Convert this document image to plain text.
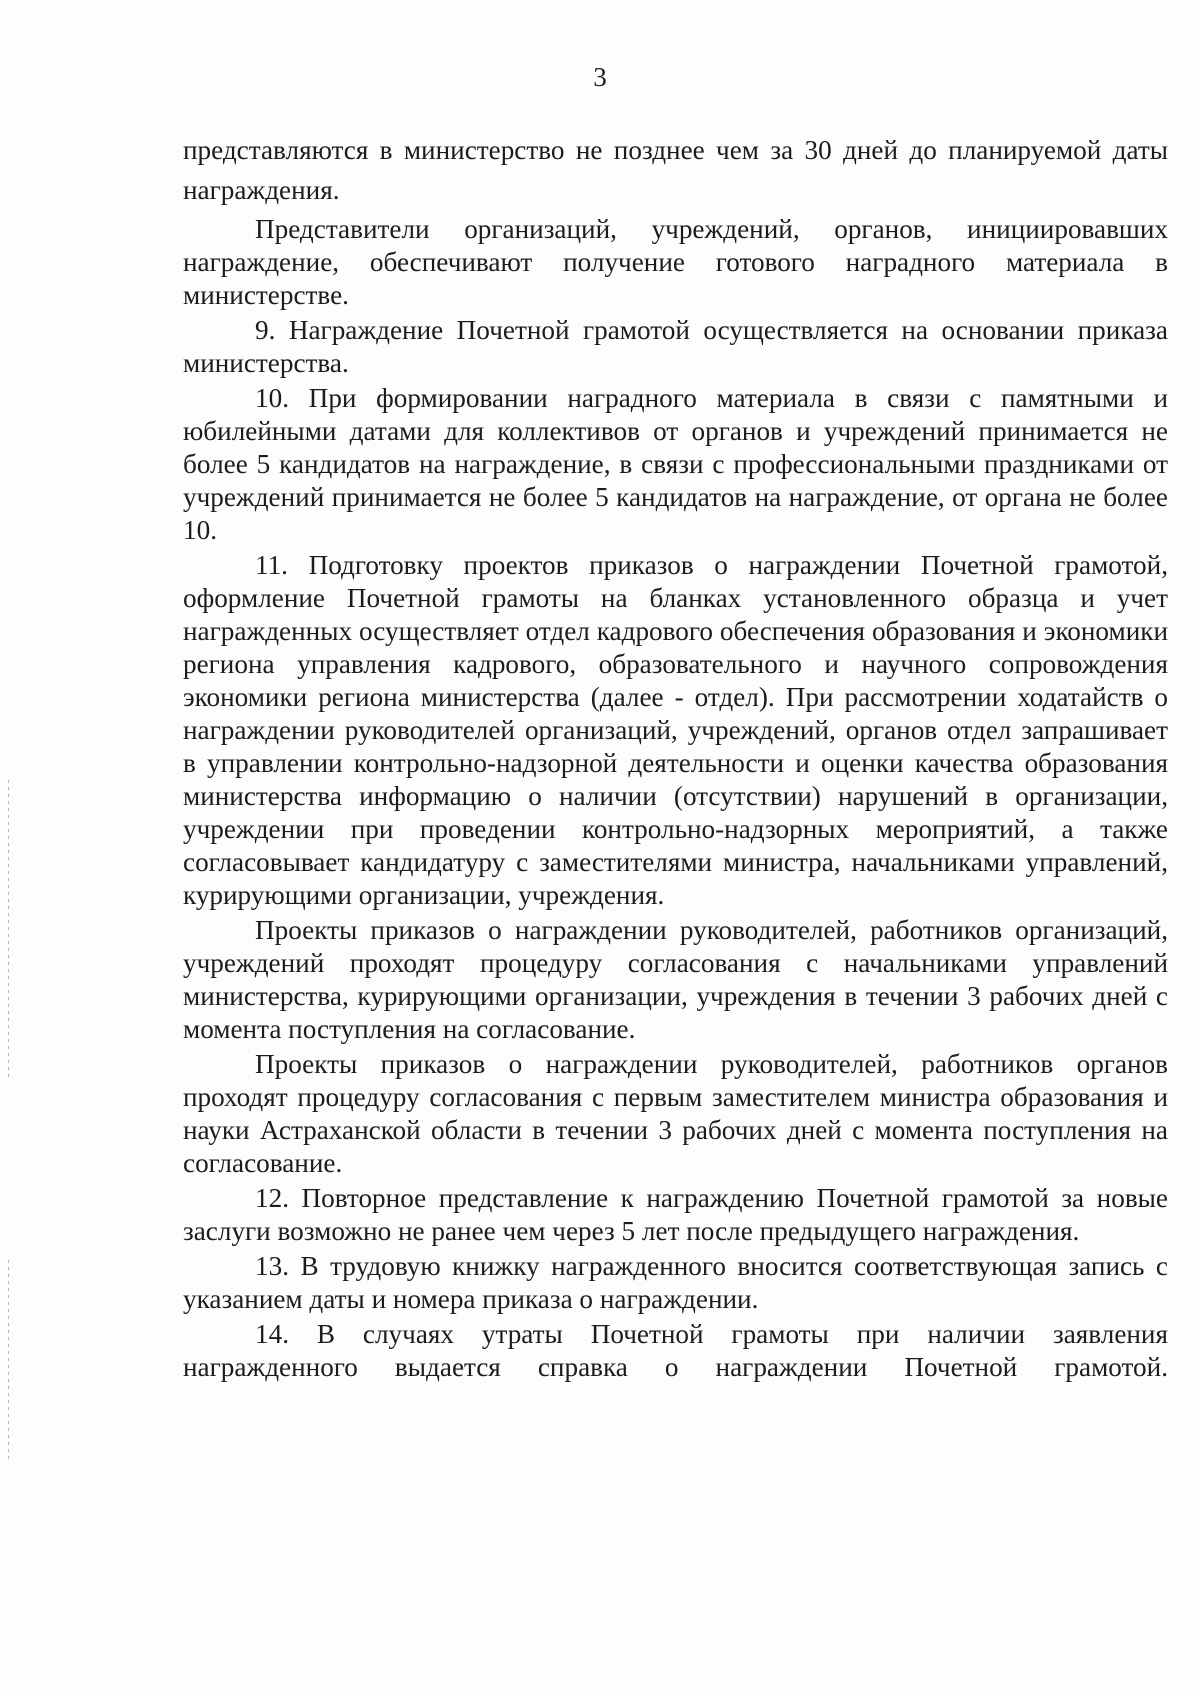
3

представляются в министерство не позднее чем за 30 дней до планируемой даты награждения.

Представители организаций, учреждений, органов, инициировавших награждение, обеспечивают получение готового наградного материала в министерстве.

9. Награждение Почетной грамотой осуществляется на основании приказа министерства.

10. При формировании наградного материала в связи с памятными и юбилейными датами для коллективов от органов и учреждений принимается не более 5 кандидатов на награждение, в связи с профессиональными праздниками от учреждений принимается не более 5 кандидатов на награждение, от органа не более 10.

11. Подготовку проектов приказов о награждении Почетной грамотой, оформление Почетной грамоты на бланках установленного образца и учет награжденных осуществляет отдел кадрового обеспечения образования и экономики региона управления кадрового, образовательного и научного сопровождения экономики региона министерства (далее - отдел). При рассмотрении ходатайств о награждении руководителей организаций, учреждений, органов отдел запрашивает в управлении контрольно-надзорной деятельности и оценки качества образования министерства информацию о наличии (отсутствии) нарушений в организации, учреждении при проведении контрольно-надзорных мероприятий, а также согласовывает кандидатуру с заместителями министра, начальниками управлений, курирующими организации, учреждения.

Проекты приказов о награждении руководителей, работников организаций, учреждений проходят процедуру согласования с начальниками управлений министерства, курирующими организации, учреждения в течении 3 рабочих дней с момента поступления на согласование.

Проекты приказов о награждении руководителей, работников органов проходят процедуру согласования с первым заместителем министра образования и науки Астраханской области в течении 3 рабочих дней с момента поступления на согласование.

12. Повторное представление к награждению Почетной грамотой за новые заслуги возможно не ранее чем через 5 лет после предыдущего награждения.

13. В трудовую книжку награжденного вносится соответствующая запись с указанием даты и номера приказа о награждении.

14. В случаях утраты Почетной грамоты при наличии заявления награжденного выдается справка о награждении Почетной грамотой.
